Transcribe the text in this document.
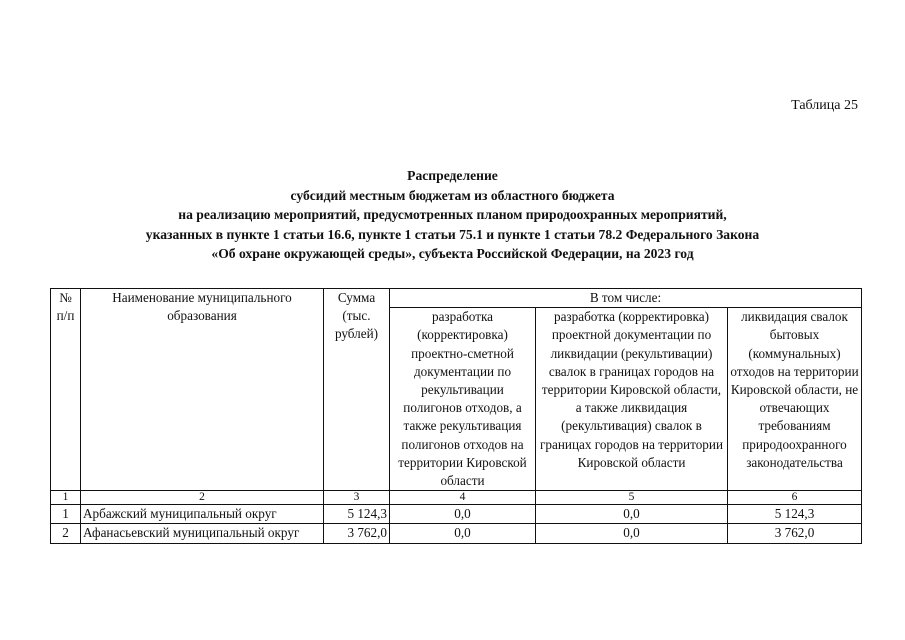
Таблица 25
Распределение
субсидий местным бюджетам из областного бюджета
на реализацию мероприятий, предусмотренных планом природоохранных мероприятий,
указанных в пункте 1 статьи 16.6, пункте 1 статьи 75.1 и пункте 1 статьи 78.2 Федерального Закона
«Об охране окружающей среды», субъекта Российской Федерации, на 2023 год
№ п/п	Наименование муниципального образования	Сумма (тыс. рублей)	В том числе:		
			разработка (корректировка) проектно-сметной документации по рекультивации полигонов отходов, а также рекультивация полигонов отходов на территории Кировской области	разработка (корректировка) проектной документации по ликвидации (рекультивации) свалок в границах городов на территории Кировской области, а также ликвидация (рекультивация) свалок в границах городов на территории Кировской области	ликвидация свалок бытовых (коммунальных) отходов на территории Кировской области, не отвечающих требованиям природоохранного законодательства
1	2	3	4	5	6
1	Арбажский муниципальный округ	5 124,3	0,0	0,0	5 124,3
2	Афанасьевский муниципальный округ	3 762,0	0,0	0,0	3 762,0
